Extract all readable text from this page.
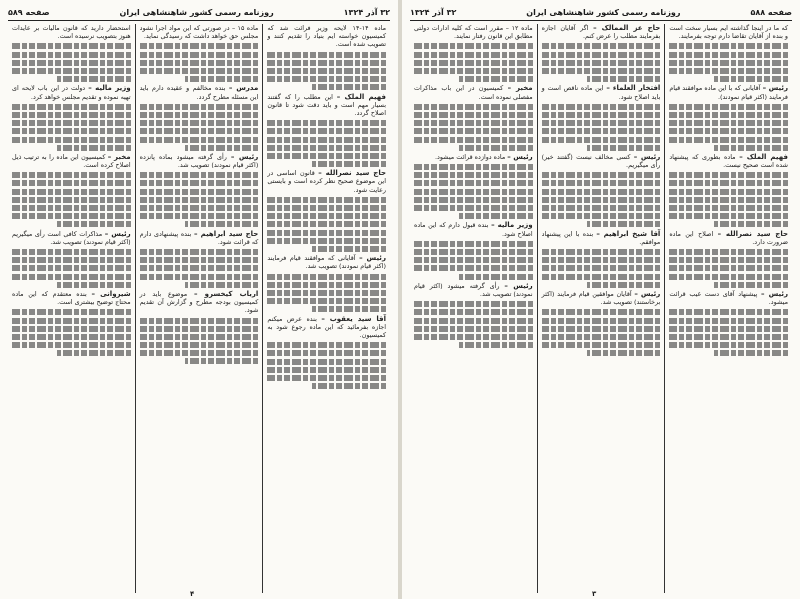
۳۲ آذر ۱۳۲۴
روزنامه رسمی کشور شاهنشاهی ایران
صفحه ۵۸۹

ماده ۱۴-۱۴ لایحه وزیر فرائت شد که کمیسیون خواسته ایم بنیاد را تقدیم کنند و تصویب شده است.

فهیم الملک – این مطلب را که گفتند بسیار مهم است و باید دقت شود تا قانون اصلاح گردد.

حاج سید نصرالله – قانون اساسی در این موضوع صحیح نظر کرده است و بایستی رعایت شود.

رئیس – آقایانی که موافقند قیام فرمایند (اکثر قیام نمودند) تصویب شد.

آقا سید یعقوب – بنده عرض میکنم اجازه بفرمائید که این ماده رجوع شود به کمیسیون.

ماده ۱۵ – در صورتی که این مواد اجرا نشود مجلس حق خواهد داشت که رسیدگی نماید.

مدرس – بنده مخالفم و عقیده دارم باید این مسئله مطرح گردد.

رئیس – رأی گرفته میشود بماده پانزده (اکثر قیام نمودند) تصویب شد.

حاج سید ابراهیم – بنده پیشنهادی دارم که قرائت شود.

ارباب کیخسرو – موضوع باید در کمیسیون بودجه مطرح و گزارش آن تقدیم شود.

استحضار دارید که قانون مالیات بر عایدات هنوز بتصویب نرسیده است.

وزیر مالیه – دولت در این باب لایحه ای تهیه نموده و تقدیم مجلس خواهد کرد.

مخبر – کمیسیون این ماده را به ترتیب ذیل اصلاح کرده است.

رئیس – مذاکرات کافی است رأی میگیریم (اکثر قیام نمودند) تصویب شد.

شیروانی – بنده معتقدم که این ماده محتاج توضیح بیشتری است.

۴
صفحه ۵۸۸
روزنامه رسمی کشور شاهنشاهی ایران
۳۲ آذر ۱۳۲۴

که ما در اینجا گذاشته ایم بسیار سخت است و بنده از آقایان تقاضا دارم توجه بفرمایند.

رئیس – آقایانی که با این ماده موافقند قیام فرمایند (اکثر قیام نمودند).

فهیم الملک – ماده بطوری که پیشنهاد شده است صحیح نیست.

حاج سید نصرالله – اصلاح این ماده ضرورت دارد.

رئیس – پیشنهاد آقای دست غیب قرائت میشود.

حاج عز الممالک – اگر آقایان اجازه بفرمایند مطلب را عرض کنم.

افتخار العلماء – این ماده ناقص است و باید اصلاح شود.

رئیس – کسی مخالف نیست (گفتند خیر) رأی میگیریم.

آقا شیخ ابراهیم – بنده با این پیشنهاد موافقم.

رئیس – آقایان موافقین قیام فرمایند (اکثر برخاستند) تصویب شد.

ماده ۱۲ – مقرر است که کلیه ادارات دولتی مطابق این قانون رفتار نمایند.

مخبر – کمیسیون در این باب مذاکرات مفصلی نموده است.

رئیس – ماده دوازده قرائت میشود.

وزیر مالیه – بنده قبول دارم که این ماده اصلاح شود.

رئیس – رأی گرفته میشود (اکثر قیام نمودند) تصویب شد.

۳
